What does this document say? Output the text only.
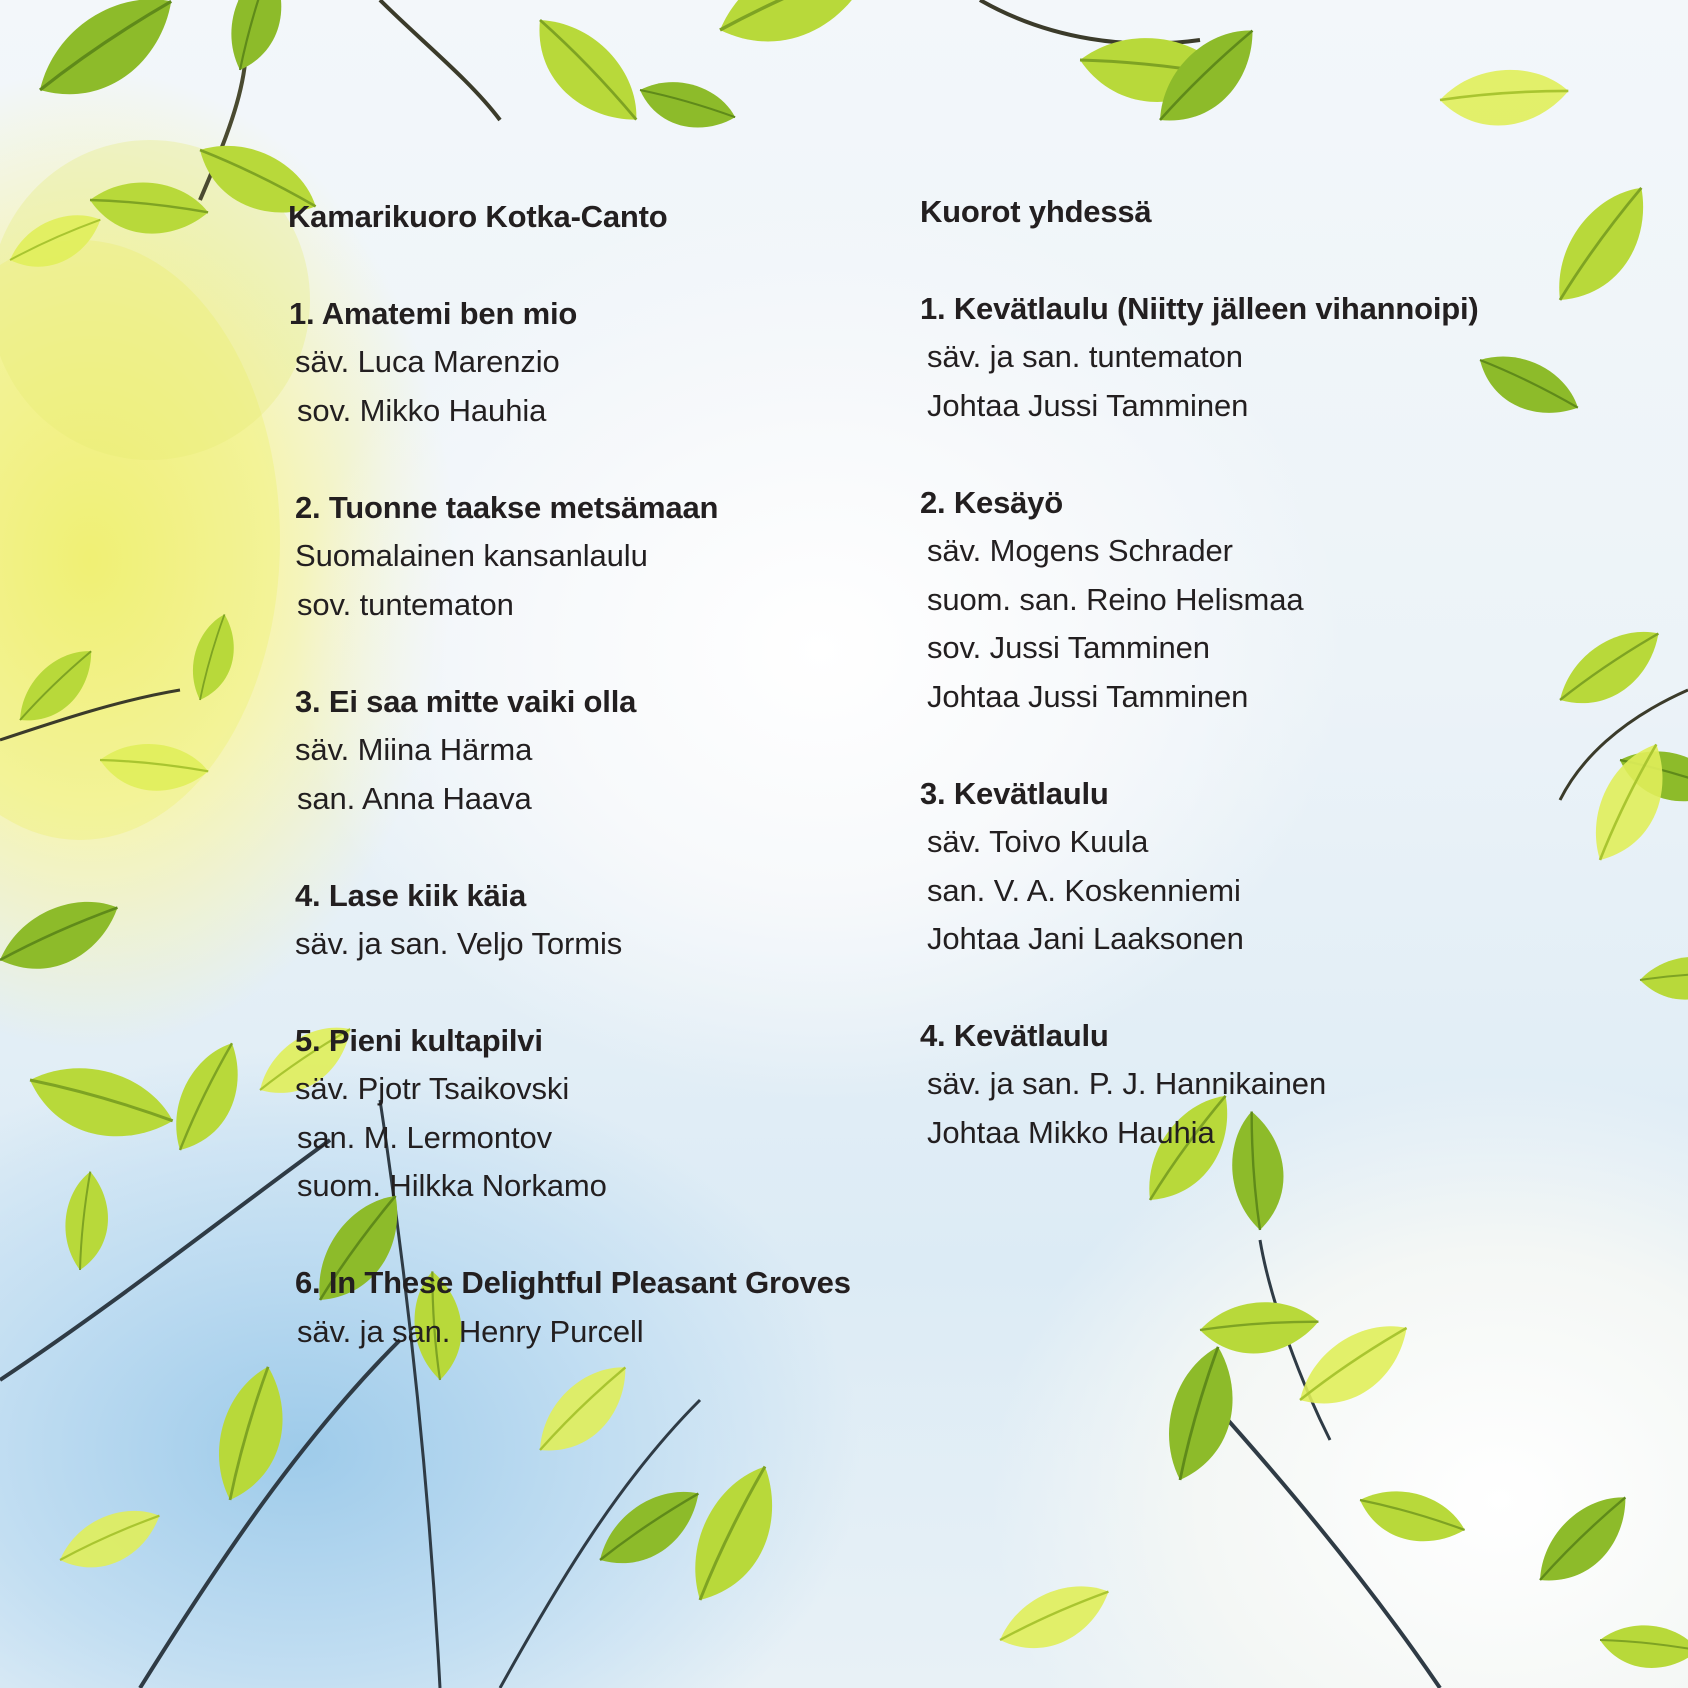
Kamarikuoro Kotka-Canto
1. Amatemi ben mio
säv. Luca Marenzio
sov. Mikko Hauhia
2. Tuonne taakse metsämaan
Suomalainen kansanlaulu
sov. tuntematon
3. Ei saa mitte vaiki olla
säv. Miina Härma
san. Anna Haava
4. Lase kiik käia
säv. ja san. Veljo Tormis
5. Pieni kultapilvi
säv. Pjotr Tsaikovski
san. M. Lermontov
suom. Hilkka Norkamo
6. In These Delightful Pleasant Groves
säv. ja san. Henry Purcell
Kuorot yhdessä
1. Kevätlaulu (Niitty jälleen vihannoipi)
säv. ja san. tuntematon
Johtaa Jussi Tamminen
2. Kesäyö
säv. Mogens Schrader
suom. san. Reino Helismaa
sov. Jussi Tamminen
Johtaa Jussi Tamminen
3. Kevätlaulu
säv. Toivo Kuula
san. V. A. Koskenniemi
Johtaa Jani Laaksonen
4. Kevätlaulu
säv. ja san. P. J. Hannikainen
Johtaa Mikko Hauhia
